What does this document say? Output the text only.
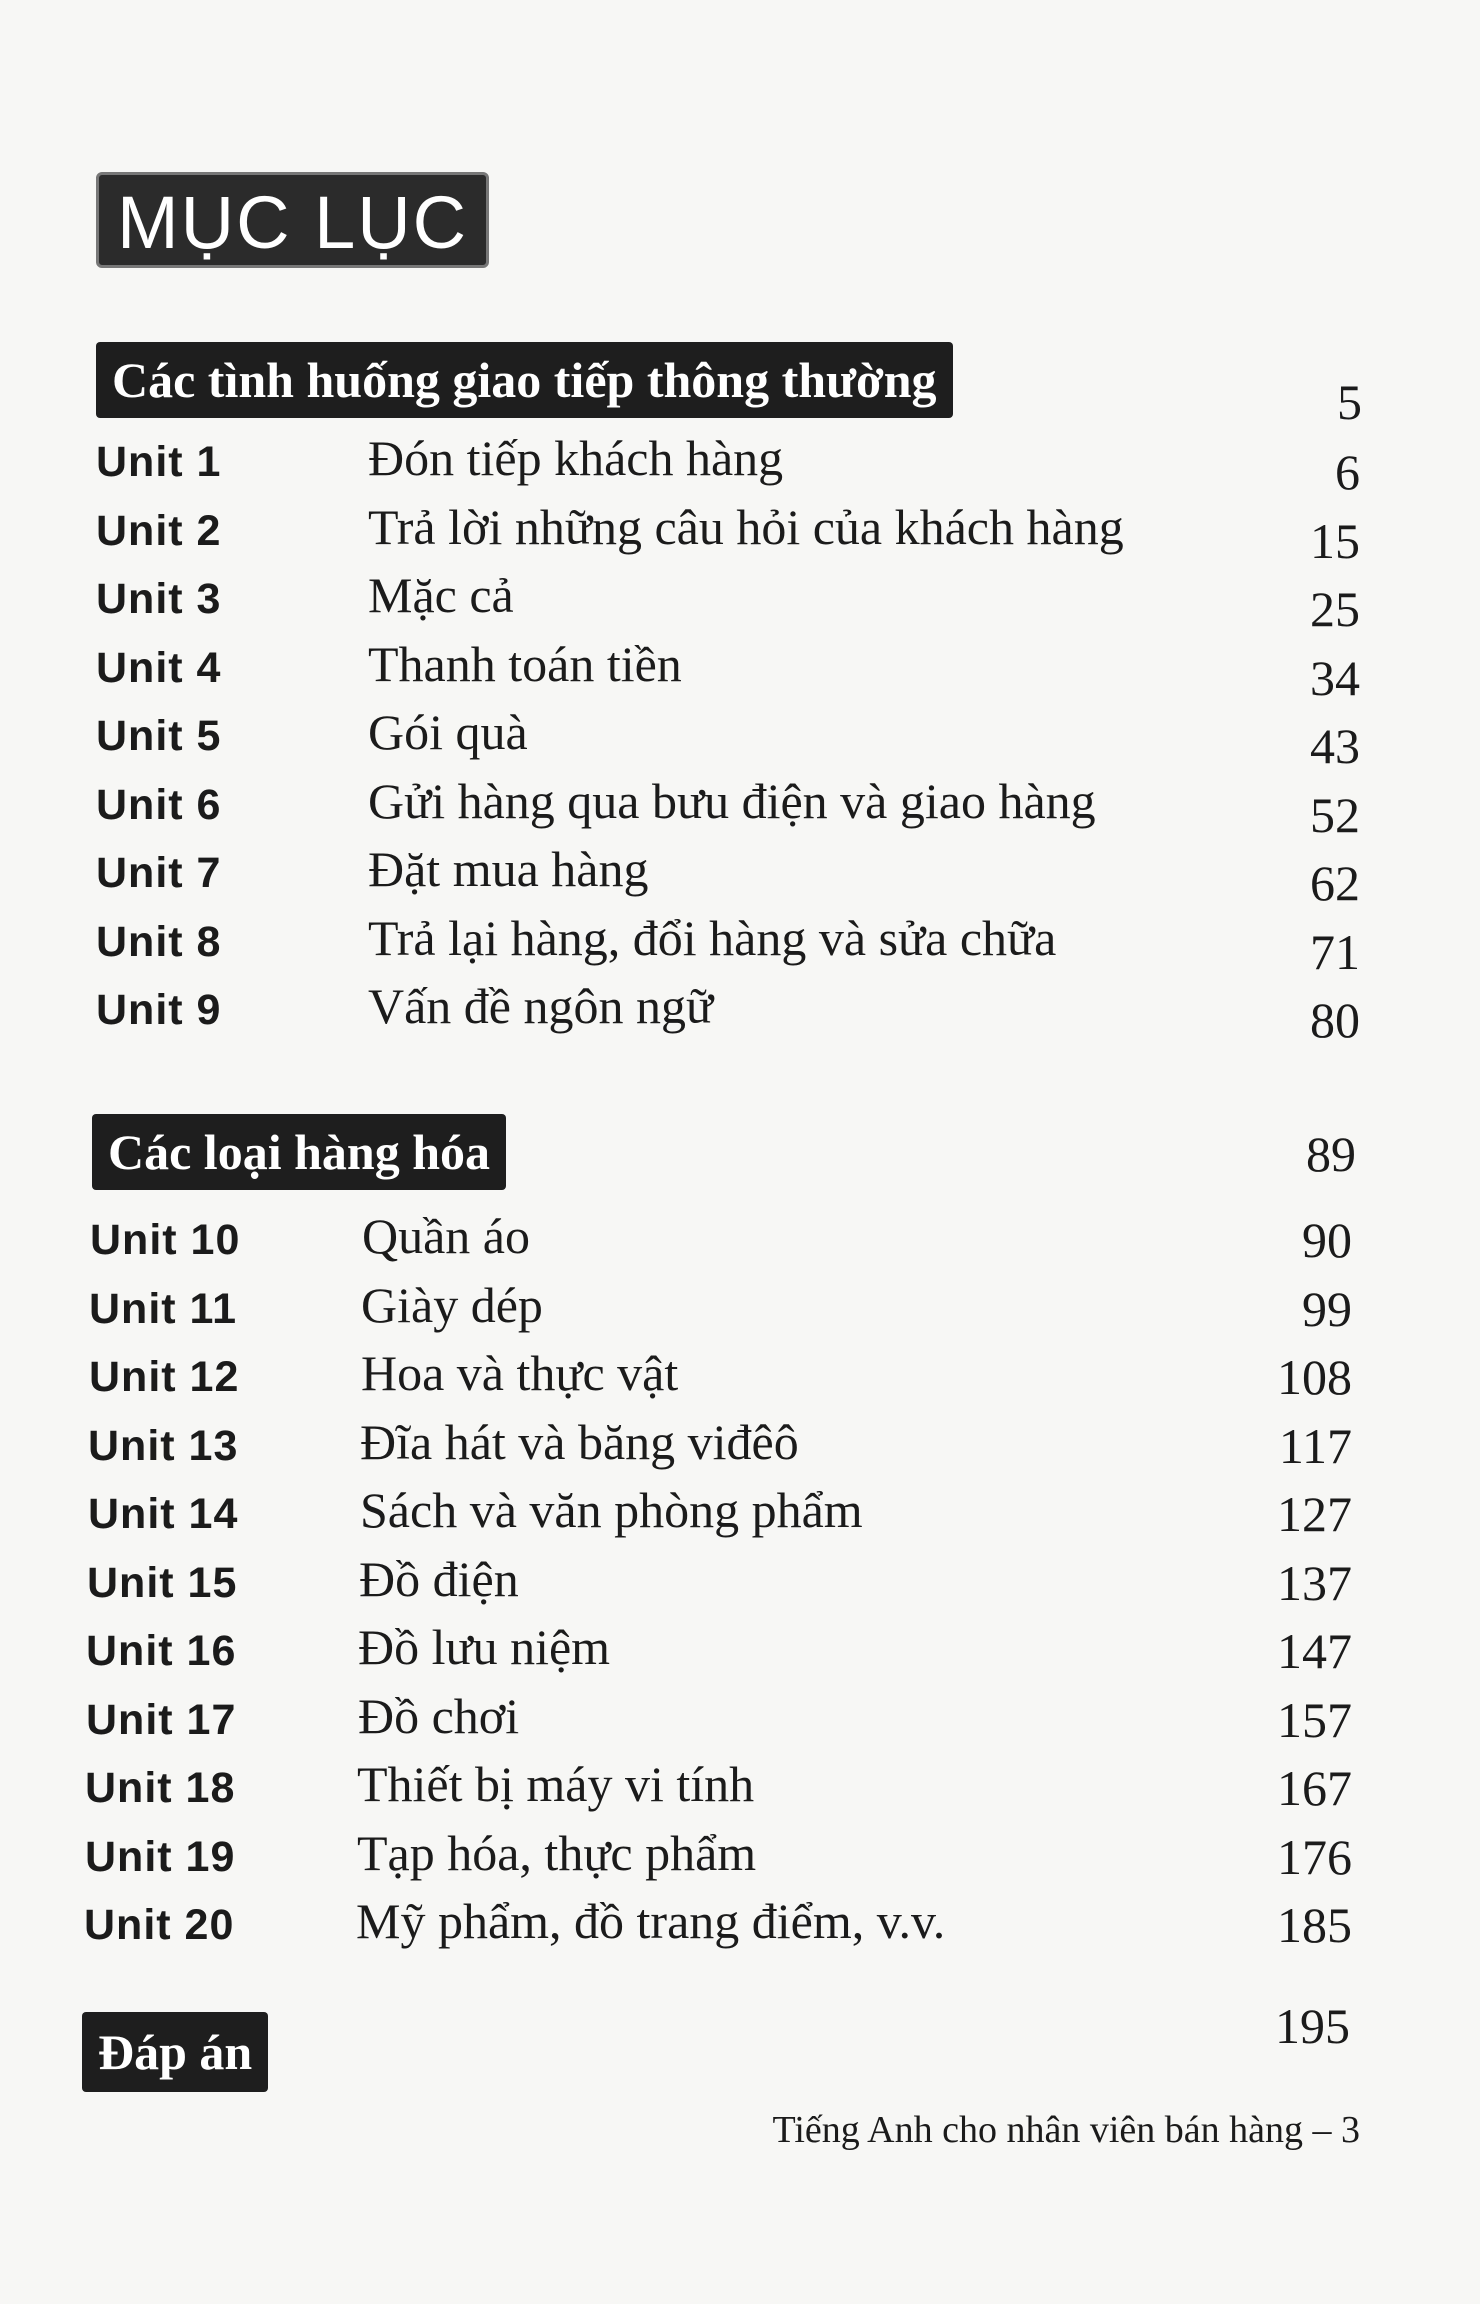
MỤC LỤC
Các tình huống giao tiếp thông thường	5
Unit 1	Đón tiếp khách hàng	6
Unit 2	Trả lời những câu hỏi của khách hàng	15
Unit 3	Mặc cả	25
Unit 4	Thanh toán tiền	34
Unit 5	Gói quà	43
Unit 6	Gửi hàng qua bưu điện và giao hàng	52
Unit 7	Đặt mua hàng	62
Unit 8	Trả lại hàng, đổi hàng và sửa chữa	71
Unit 9	Vấn đề ngôn ngữ	80
Các loại hàng hóa	89
Unit 10 Quần áo	90
Unit 11 Giày dép	99
Unit 12 Hoa và thực vật	108
Unit 13 Đĩa hát và băng viđêô	117
Unit 14 Sách và văn phòng phẩm	127
Unit 15 Đồ điện	137
Unit 16 Đồ lưu niệm	147
Unit 17 Đồ chơi	157
Unit 18 Thiết bị máy vi tính	167
Unit 19 Tạp hóa, thực phẩm	176
Unit 20 Mỹ phẩm, đồ trang điểm, v.v.	185
Đáp án	195
Tiếng Anh cho nhân viên bán hàng – 3
